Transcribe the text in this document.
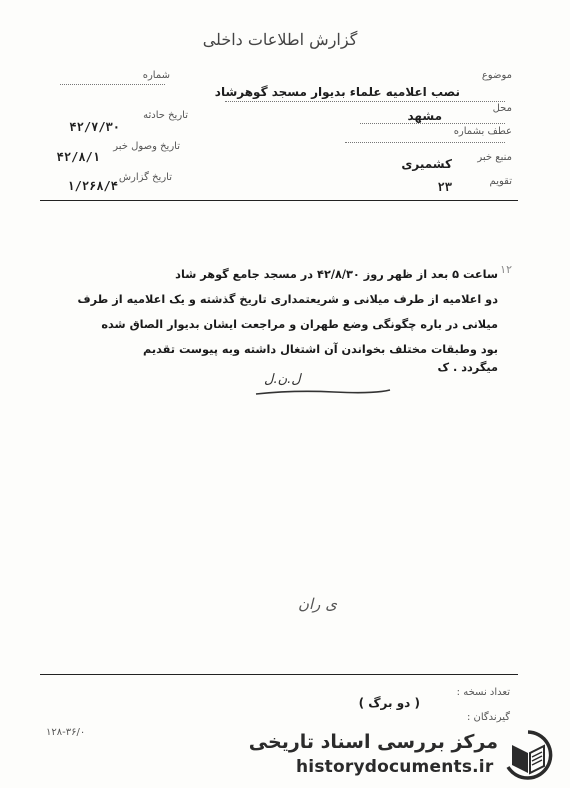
گزارش اطلاعات داخلی
موضوع
نصب اعلامیه علماء بدیوار مسجد گوهرشاد
محل
مشهد
عطف بشماره
منبع خبر
کشمیری
تقویم
۲۳
شماره
تاریخ حادثه
۴۲/۷/۳۰
تاریخ وصول خبر
۴۲/۸/۱
تاریخ گزارش
۱/۲۶۸/۴
۱۲
ساعت ۵ بعد از ظهر روز ۴۲/۸/۳۰ در مسجد جامع گوهر شاد
دو اعلامیه از طرف میلانی و شریعتمداری تاریخ گذشته و یک اعلامیه از طرف
میلانی در باره چگونگی وضع طهران و مراجعت ایشان بدیوار الصاق شده
بود وطبقات مختلف بخواندن آن اشتغال داشته وبه پیوست تقدیم
میگردد . ک
ل.ن.ل
ی ران
تعداد نسخه :
( دو برگ )
گیرندگان :
۱۲۸-۳۶/۰	مرکز بررسی اسناد تاریخی
historydocuments.ir
